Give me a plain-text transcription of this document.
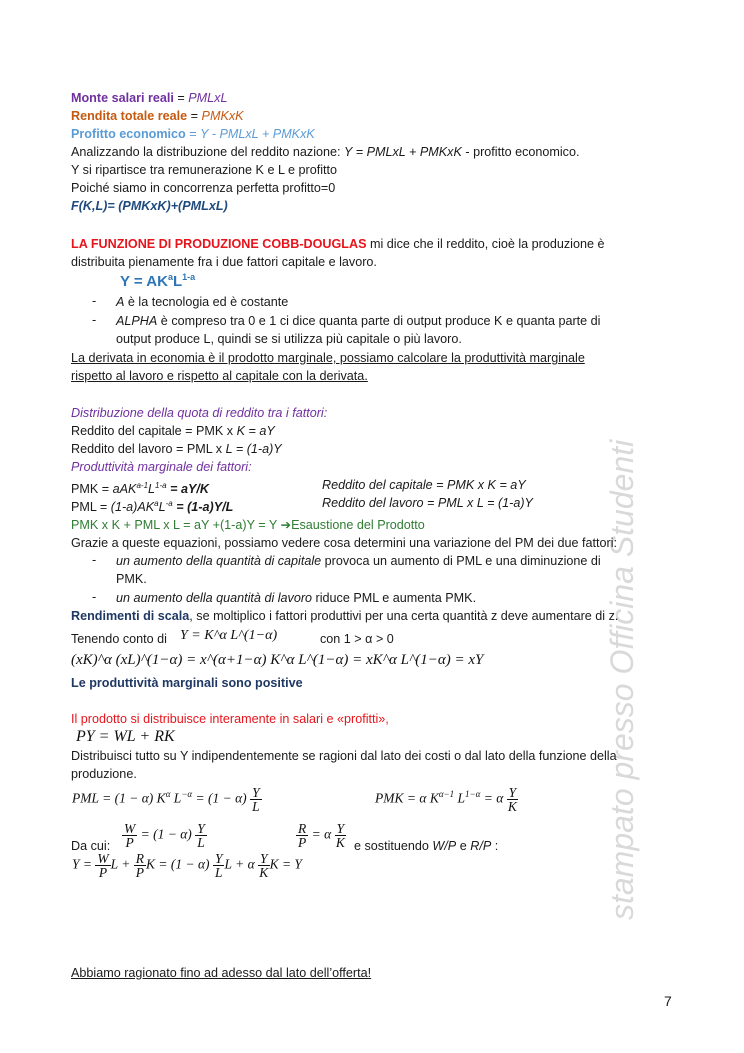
stampato presso Officina Studenti
Monte salari reali = PMLxL
Rendita totale reale = PMKxK
Profitto economico = Y - PMLxL + PMKxK
Analizzando la distribuzione del reddito nazione: Y = PMLxL + PMKxK - profitto economico.
Y si ripartisce tra remunerazione K e L e profitto
Poiché siamo in concorrenza perfetta profitto=0
F(K,L)= (PMKxK)+(PMLxL)
LA FUNZIONE DI PRODUZIONE COBB-DOUGLAS mi dice che il reddito, cioè la produzione è
distribuita pienamente fra i due fattori capitale e lavoro.
$Y = AK^aL^{1-a}$
- A è la tecnologia ed è costante
- ALPHA è compreso tra 0 e 1 ci dice quanta parte di output produce K e quanta parte di
output produce L, quindi se si utilizza più capitale o più lavoro.
La derivata in economia è il prodotto marginale, possiamo calcolare la produttività marginale
rispetto al lavoro e rispetto al capitale con la derivata.
Distribuzione della quota di reddito tra i fattori:
Reddito del capitale = PMK x K = aY
Reddito del lavoro = PML x L = (1-a)Y
Produttività marginale dei fattori:
PMK = $aAK^{a-1}L^{1-a} = aY/K$	Reddito del capitale = PMK x K = aY
PML = $(1-a)AK^aL^{-a} = (1-a)Y/L$	Reddito del lavoro = PML x L = (1-a)Y
PMK x K + PML x L = aY +(1-a)Y = Y ➔Esaustione del Prodotto
Grazie a queste equazioni, possiamo vedere cosa determini una variazione del PM dei due fattori:
- un aumento della quantità di capitale provoca un aumento di PML e una diminuzione di
PMK.
- un aumento della quantità di lavoro riduce PML e aumenta PMK.
Rendimenti di scala, se moltiplico i fattori produttivi per una certa quantità z deve aumentare di z.
Tenendo conto di Y = K^α L^(1−α)	con 1 > α > 0
(xK)^α (xL)^(1−α) = x^(α+1−α) K^α L^(1−α) = xK^α L^(1−α) = xY
Le produttività marginali sono positive
Il prodotto si distribuisce interamente in salari e «profitti»,
PY = WL + RK
Distribuisci tutto su Y indipendentemente se ragioni dal lato dei costi o dal lato della funzione della
produzione.
PML = (1 − α) $K^\alpha$ $L^{-\alpha} = (1 - \alpha) \frac{Y}{L}$	PMK = α $K^{\alpha-1}$ $L^{1-\alpha} = \alpha \frac{Y}{K}$
Da cui: $\frac{W}{P} = (1 - \alpha) \frac{Y}{L}$	$\frac{R}{P} = \alpha \frac{Y}{K}$ e sostituendo W/P e R/P :
$Y = \frac{W}{P}$ $L + \frac{R}{P}$ $K = (1 - \alpha) \frac{Y}{L}$ L + α $\frac{Y}{K}$ K = Y
Abbiamo ragionato fino ad adesso dal lato dell’offerta!
7
